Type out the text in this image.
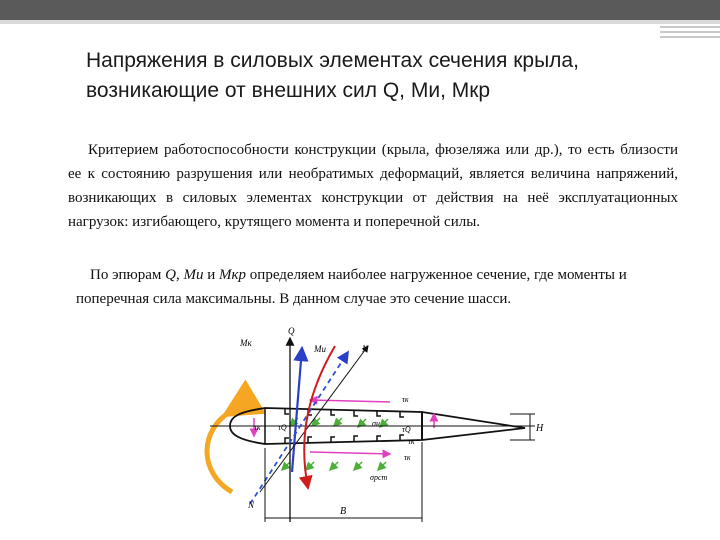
Напряжения в силовых элементах сечения крыла,
возникающие от внешних сил Q, Ми, Мкр
Критерием работоспособности конструкции (крыла, фюзеляжа или др.), то есть близости ее к состоянию разрушения или необратимых деформаций, является величина напряжений, возникающих в силовых элементах конструкции от действия на неё эксплуатационных нагрузок: изгибающего, крутящего момента и поперечной силы.
По эпюрам Q, Ми и Мкр определяем наиболее нагруженное сечение, где моменты и поперечная сила максимальны. В данном случае это сечение шасси.
Mк
Q
Mи	N
N
τк
τк τQ	σн
τQ
τк
τк
σрст
H
B
